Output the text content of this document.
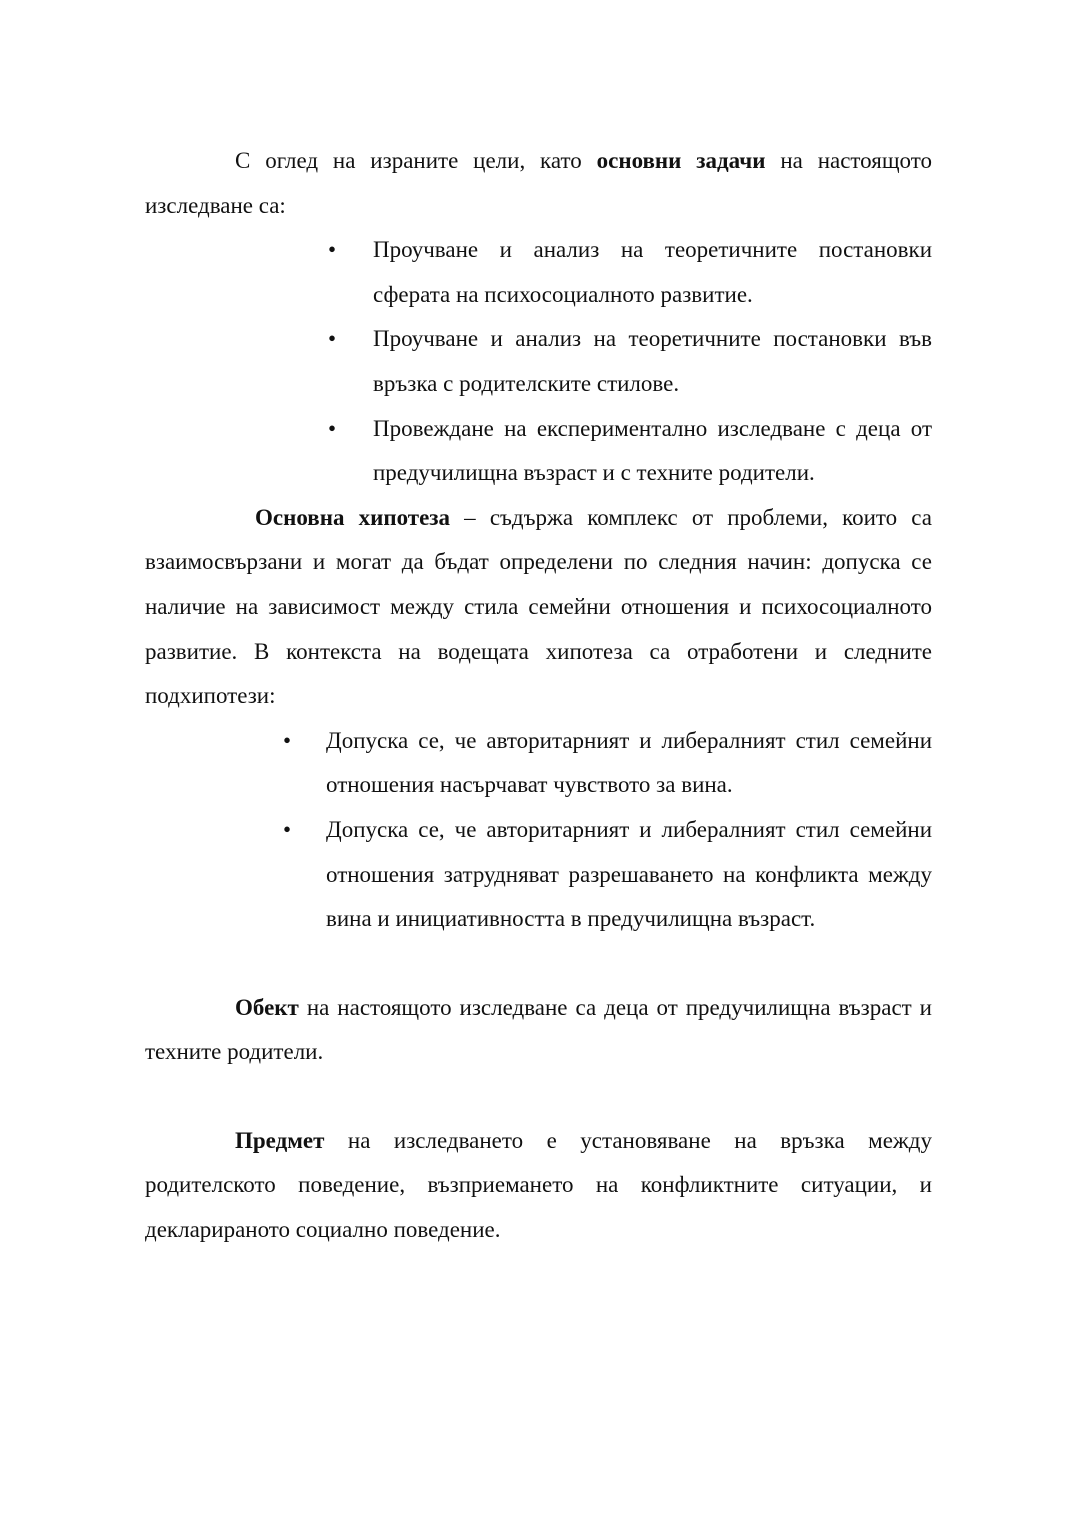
С оглед на израните цели, като основни задачи на настоящото изследване са:

• Проучване и анализ на теоретичните постановки сферата на психосоциалното развитие.
• Проучване и анализ на теоретичните постановки във връзка с родителските стилове.
• Провеждане на експериментално изследване с деца от предучилищна възраст и с техните родители.

Основна хипотеза – съдържа комплекс от проблеми, които са взаимосвързани и могат да бъдат определени по следния начин: допуска се наличие на зависимост между стила семейни отношения и психосоциалното развитие. В контекста на водещата хипотеза са отработени и следните подхипотези:

• Допуска се, че авторитарният и либералният стил семейни отношения насърчават чувството за вина.
• Допуска се, че авторитарният и либералният стил семейни отношения затрудняват разрешаването на конфликта между вина и инициативността в предучилищна възраст.

Обект на настоящото изследване са деца от предучилищна възраст и техните родители.

Предмет на изследването е установяване на връзка между родителското поведение, възприемането на конфликтните ситуации, и декларираното социално поведение.
